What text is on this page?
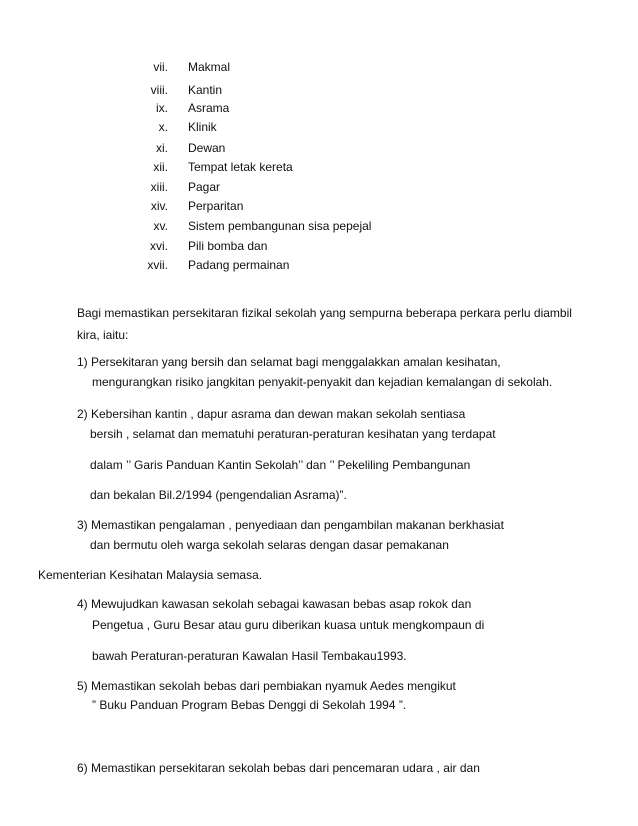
vii. Makmal
viii. Kantin
ix. Asrama
x. Klinik
xi. Dewan
xii. Tempat letak kereta
xiii. Pagar
xiv. Perparitan
xv. Sistem pembangunan sisa pepejal
xvi. Pili bomba dan
xvii. Padang permainan
Bagi memastikan persekitaran fizikal sekolah yang sempurna beberapa perkara perlu diambil
kira, iaitu:
1) Persekitaran yang bersih dan selamat bagi menggalakkan amalan kesihatan,
mengurangkan risiko jangkitan penyakit-penyakit dan kejadian kemalangan di sekolah.
2) Kebersihan kantin , dapur asrama dan dewan makan sekolah sentiasa
bersih , selamat dan mematuhi peraturan-peraturan kesihatan yang terdapat
dalam ’’ Garis Panduan Kantin Sekolah’’ dan ’’ Pekeliling Pembangunan
dan bekalan Bil.2/1994 (pengendalian Asrama)”.
3) Memastikan pengalaman , penyediaan dan pengambilan makanan berkhasiat
dan bermutu oleh warga sekolah selaras dengan dasar pemakanan
Kementerian Kesihatan Malaysia semasa.
4) Mewujudkan kawasan sekolah sebagai kawasan bebas asap rokok dan
Pengetua , Guru Besar atau guru diberikan kuasa untuk mengkompaun di
bawah Peraturan-peraturan Kawalan Hasil Tembakau1993.
5) Memastikan sekolah bebas dari pembiakan nyamuk Aedes mengikut
” Buku Panduan Program Bebas Denggi di Sekolah 1994 ”.
6) Memastikan persekitaran sekolah bebas dari pencemaran udara , air dan
